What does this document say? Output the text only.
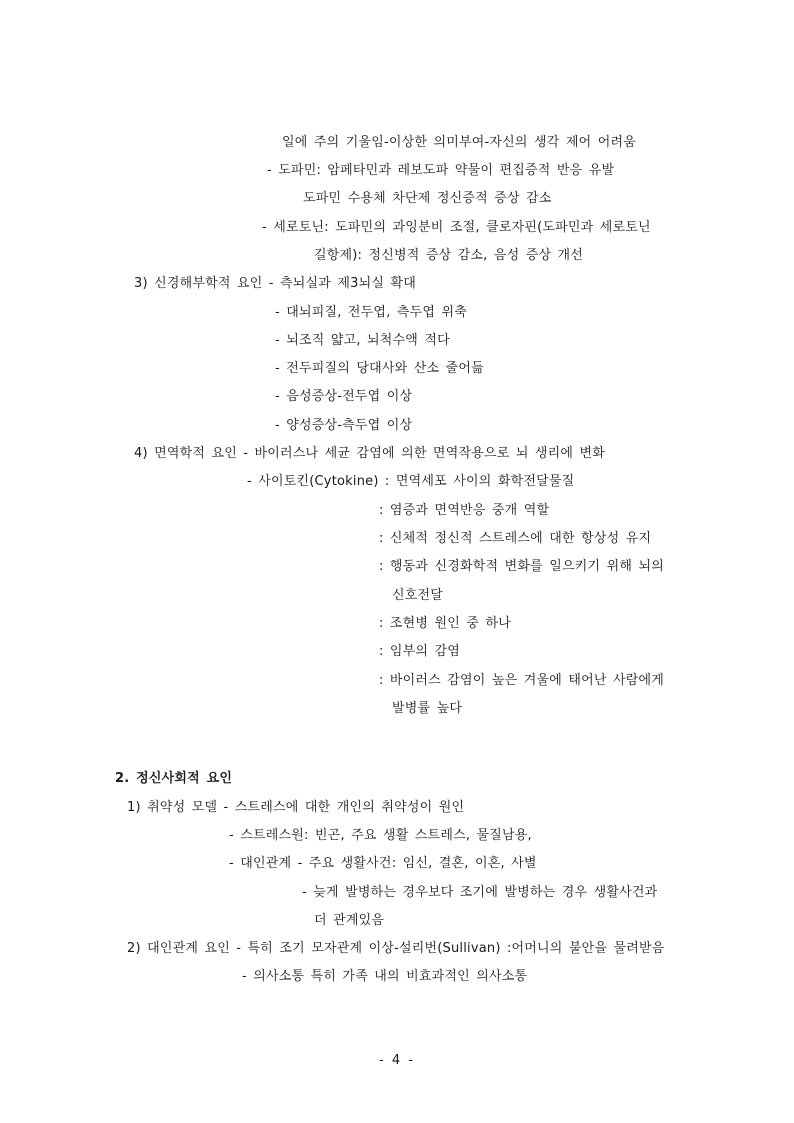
일에 주의 기울임-이상한 의미부여-자신의 생각 제어 어려움
- 도파민: 암페타민과 레보도파 약물이 편집증적 반응 유발
도파민 수용체 차단제 정신증적 증상 감소
- 세로토닌: 도파민의 과잉분비 조절, 클로자핀(도파민과 세로토닌
길항제): 정신병적 증상 감소, 음성 증상 개선
3) 신경해부학적 요인 - 측뇌실과 제3뇌실 확대
- 대뇌피질, 전두엽, 측두엽 위축
- 뇌조직 얇고, 뇌척수액 적다
- 전두피질의 당대사와 산소 줄어듦
- 음성증상-전두엽 이상
- 양성증상-측두엽 이상
4) 면역학적 요인 - 바이러스나 세균 감염에 의한 면역작용으로 뇌 생리에 변화
- 사이토킨(Cytokine) : 면역세포 사이의 화학전달물질
: 염증과 면역반응 중개 역할
: 신체적 정신적 스트레스에 대한 항상성 유지
: 행동과 신경화학적 변화를 일으키기 위해 뇌의
신호전달
: 조현병 원인 중 하나
: 임부의 감염
: 바이러스 감염이 높은 겨울에 태어난 사람에게
발병률 높다
2. 정신사회적 요인
1) 취약성 모델 - 스트레스에 대한 개인의 취약성이 원인
- 스트레스원: 빈곤, 주요 생활 스트레스, 물질남용,
- 대인관계 - 주요 생활사건: 임신, 결혼, 이혼, 사별
- 늦게 발병하는 경우보다 조기에 발병하는 경우 생활사건과
더 관계있음
2) 대인관계 요인 - 특히 조기 모자관계 이상-설리번(Sullivan) :어머니의 불안을 물려받음
- 의사소통 특히 가족 내의 비효과적인 의사소통
- 4 -
